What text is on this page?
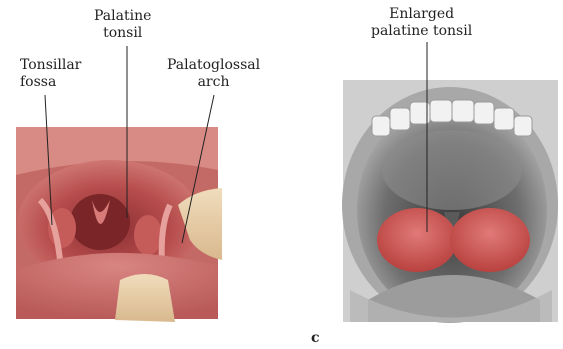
Palatine
tonsil
Tonsillar
fossa
Palatoglossal
arch
Enlarged
palatine tonsil
c
